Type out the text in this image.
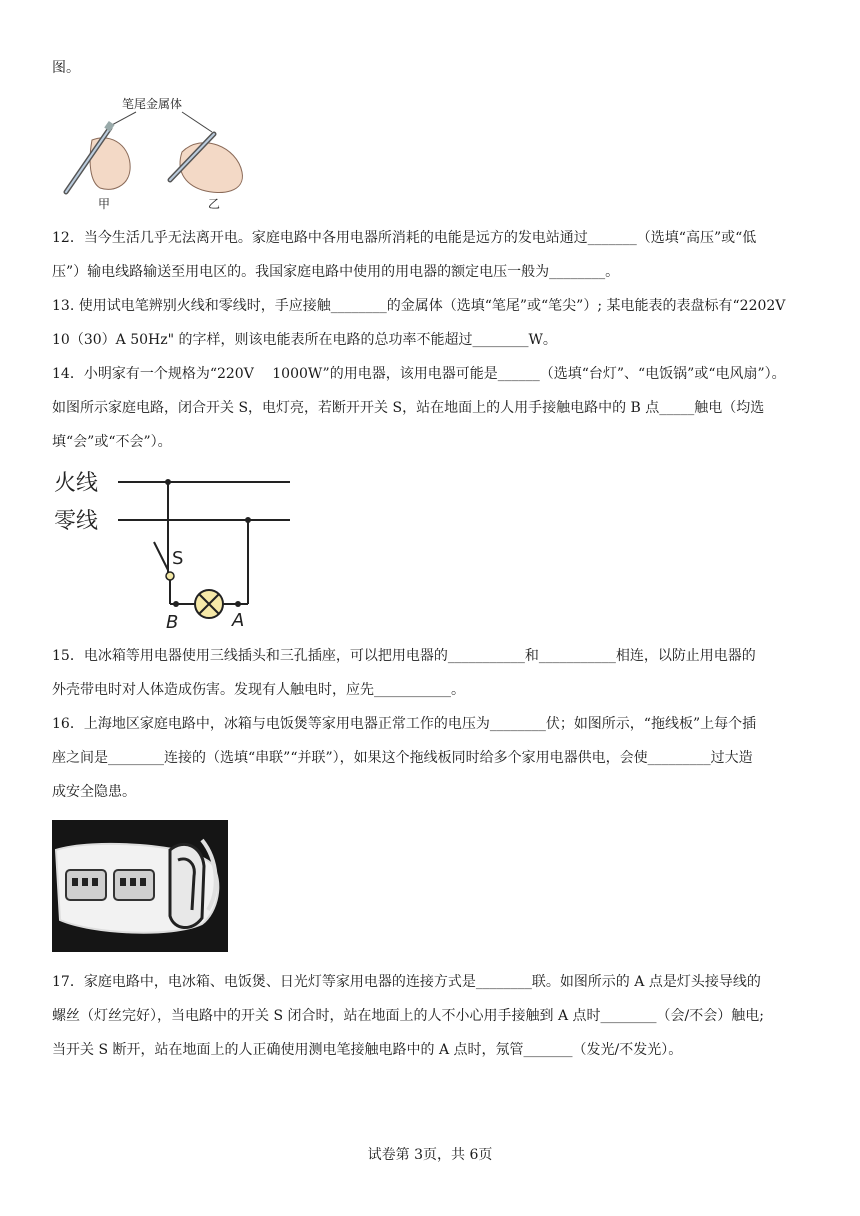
图。
笔尾金属体
甲	乙
12．当今生活几乎无法离开电。家庭电路中各用电器所消耗的电能是远方的发电站通过_______（选填“高压”或“低
压”）输电线路输送至用电区的。我国家庭电路中使用的用电器的额定电压一般为________。
13. 使用试电笔辨别火线和零线时，手应接触________的金属体（选填“笔尾”或“笔尖”）; 某电能表的表盘标有“2202V
10（30）A 50Hz" 的字样，则该电能表所在电路的总功率不能超过________W。
14．小明家有一个规格为“220V　 1000W”的用电器，该用电器可能是______（选填“台灯”、“电饭锅”或“电风扇”）。
如图所示家庭电路，闭合开关 S，电灯亮，若断开开关 S，站在地面上的人用手接触电路中的 B 点_____触电（均选
填“会”或“不会”）。
火线
零线
S
B	A
15．电冰箱等用电器使用三线插头和三孔插座，可以把用电器的___________和___________相连，以防止用电器的
外壳带电时对人体造成伤害。发现有人触电时，应先___________。
16．上海地区家庭电路中，冰箱与电饭煲等家用电器正常工作的电压为________伏；如图所示，“拖线板”上每个插
座之间是________连接的（选填“串联”“并联”），如果这个拖线板同时给多个家用电器供电，会使_________过大造
成安全隐患。
17．家庭电路中，电冰箱、电饭煲、日光灯等家用电器的连接方式是________联。如图所示的 A 点是灯头接导线的
螺丝（灯丝完好），当电路中的开关 S 闭合时，站在地面上的人不小心用手接触到 A 点时________（会/不会）触电;
当开关 S 断开，站在地面上的人正确使用测电笔接触电路中的 A 点时，氖管_______（发光/不发光）。
试卷第 3页，共 6页
